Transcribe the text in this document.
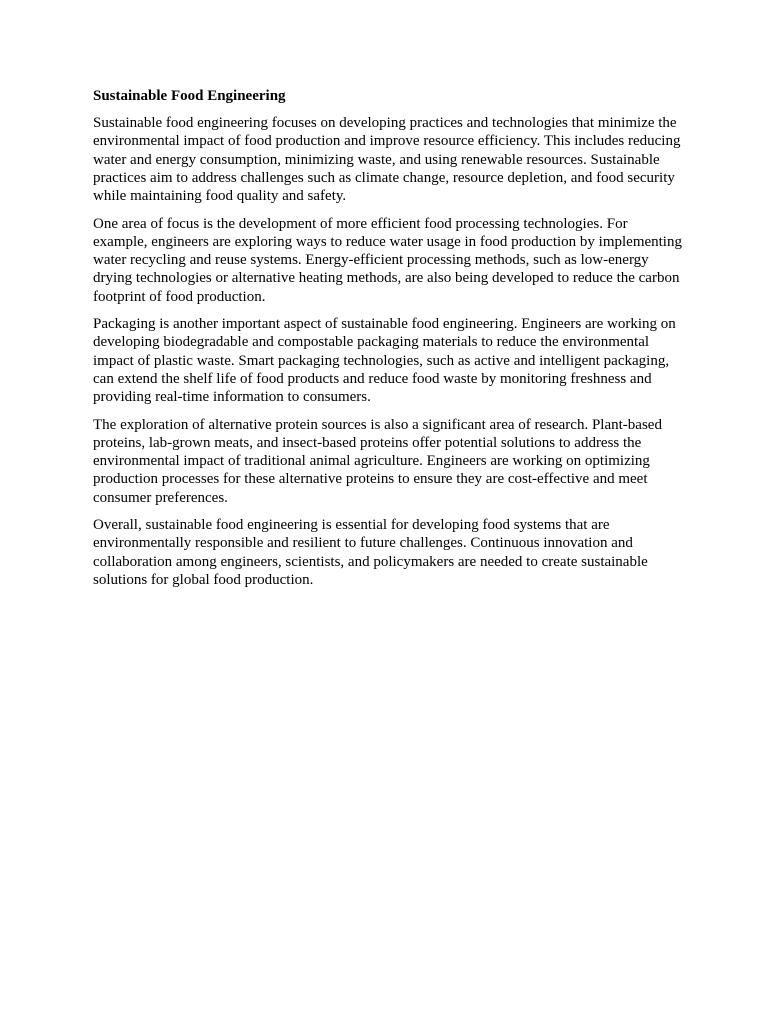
Sustainable Food Engineering

Sustainable food engineering focuses on developing practices and technologies that minimize the environmental impact of food production and improve resource efficiency. This includes reducing water and energy consumption, minimizing waste, and using renewable resources. Sustainable practices aim to address challenges such as climate change, resource depletion, and food security while maintaining food quality and safety.

One area of focus is the development of more efficient food processing technologies. For example, engineers are exploring ways to reduce water usage in food production by implementing water recycling and reuse systems. Energy-efficient processing methods, such as low-energy drying technologies or alternative heating methods, are also being developed to reduce the carbon footprint of food production.

Packaging is another important aspect of sustainable food engineering. Engineers are working on developing biodegradable and compostable packaging materials to reduce the environmental impact of plastic waste. Smart packaging technologies, such as active and intelligent packaging, can extend the shelf life of food products and reduce food waste by monitoring freshness and providing real-time information to consumers.

The exploration of alternative protein sources is also a significant area of research. Plant-based proteins, lab-grown meats, and insect-based proteins offer potential solutions to address the environmental impact of traditional animal agriculture. Engineers are working on optimizing production processes for these alternative proteins to ensure they are cost-effective and meet consumer preferences.

Overall, sustainable food engineering is essential for developing food systems that are environmentally responsible and resilient to future challenges. Continuous innovation and collaboration among engineers, scientists, and policymakers are needed to create sustainable solutions for global food production.
